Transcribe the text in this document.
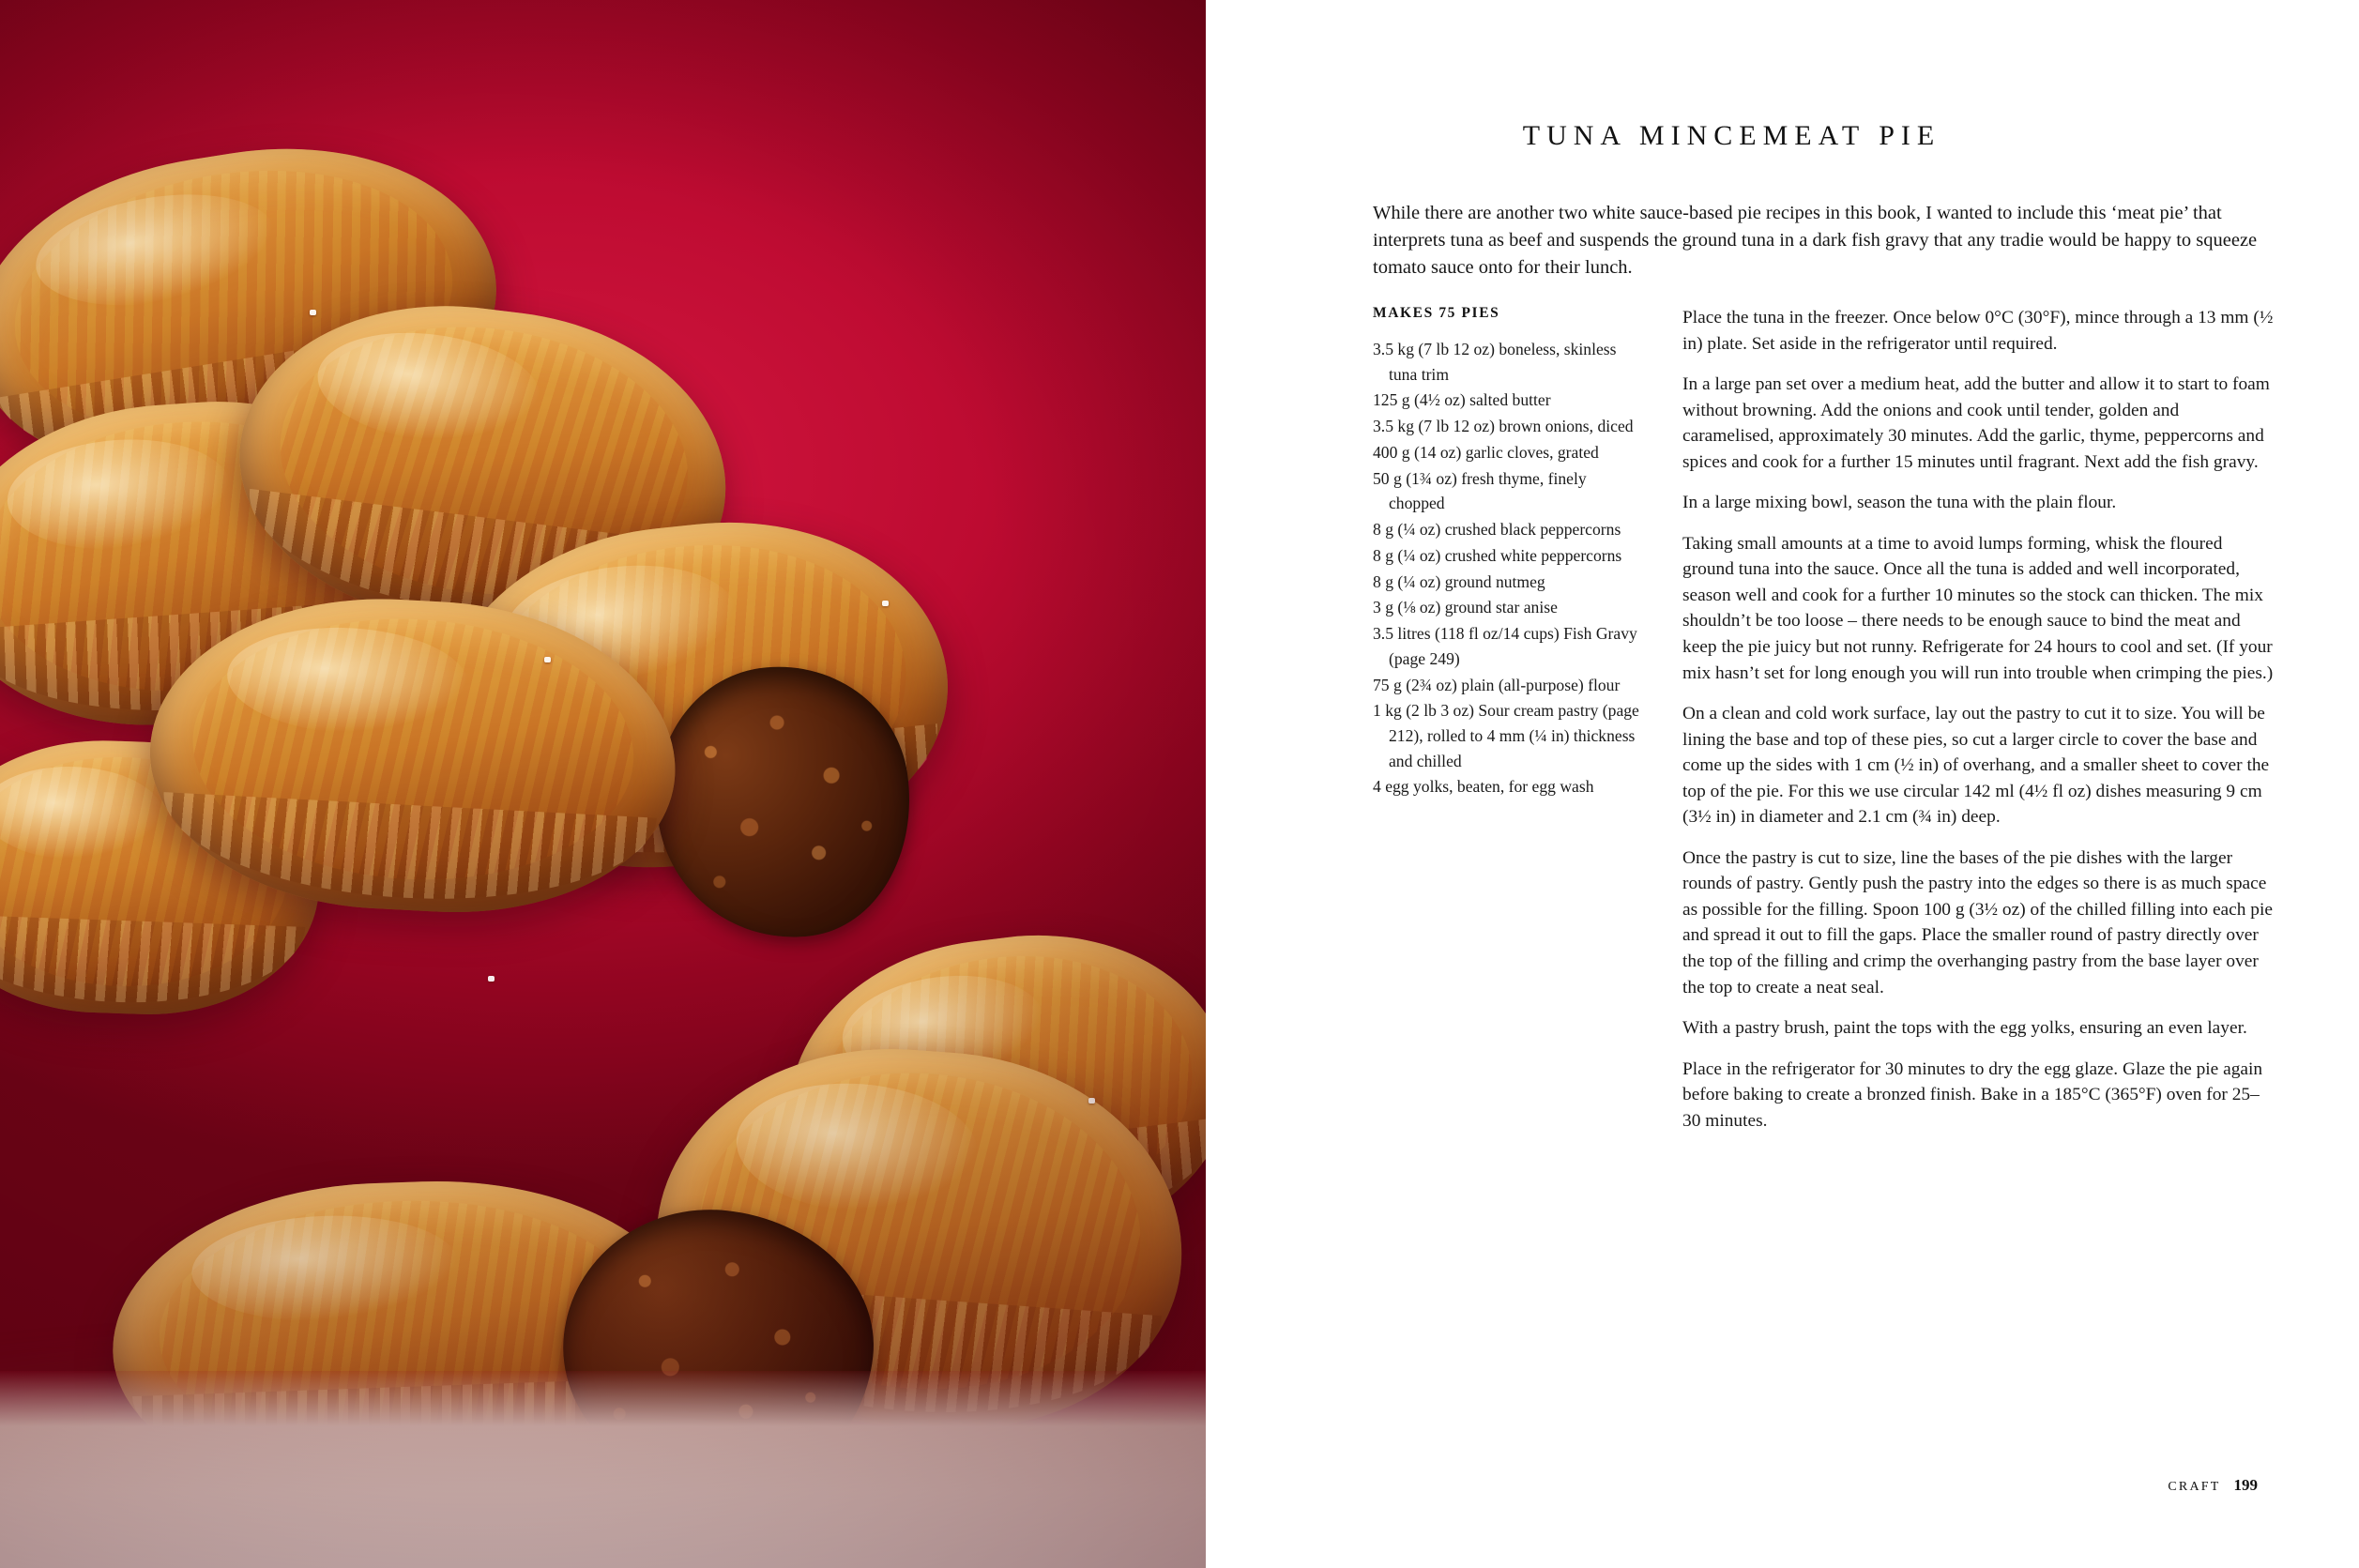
TUNA MINCEMEAT PIE

While there are another two white sauce-based pie recipes in this book, I wanted to include this ‘meat pie’ that interprets tuna as beef and suspends the ground tuna in a dark fish gravy that any tradie would be happy to squeeze tomato sauce onto for their lunch.

MAKES 75 PIES
3.5 kg (7 lb 12 oz) boneless, skinless tuna trim
125 g (4½ oz) salted butter
3.5 kg (7 lb 12 oz) brown onions, diced
400 g (14 oz) garlic cloves, grated
50 g (1¾ oz) fresh thyme, finely chopped
8 g (¼ oz) crushed black peppercorns
8 g (¼ oz) crushed white peppercorns
8 g (¼ oz) ground nutmeg
3 g (⅛ oz) ground star anise
3.5 litres (118 fl oz/14 cups) Fish Gravy (page 249)
75 g (2¾ oz) plain (all-purpose) flour
1 kg (2 lb 3 oz) Sour cream pastry (page 212), rolled to 4 mm (¼ in) thickness and chilled
4 egg yolks, beaten, for egg wash

Place the tuna in the freezer. Once below 0°C (30°F), mince through a 13 mm (½ in) plate. Set aside in the refrigerator until required.

In a large pan set over a medium heat, add the butter and allow it to start to foam without browning. Add the onions and cook until tender, golden and caramelised, approximately 30 minutes. Add the garlic, thyme, peppercorns and spices and cook for a further 15 minutes until fragrant. Next add the fish gravy.

In a large mixing bowl, season the tuna with the plain flour.

Taking small amounts at a time to avoid lumps forming, whisk the floured ground tuna into the sauce. Once all the tuna is added and well incorporated, season well and cook for a further 10 minutes so the stock can thicken. The mix shouldn’t be too loose – there needs to be enough sauce to bind the meat and keep the pie juicy but not runny. Refrigerate for 24 hours to cool and set. (If your mix hasn’t set for long enough you will run into trouble when crimping the pies.)

On a clean and cold work surface, lay out the pastry to cut it to size. You will be lining the base and top of these pies, so cut a larger circle to cover the base and come up the sides with 1 cm (½ in) of overhang, and a smaller sheet to cover the top of the pie. For this we use circular 142 ml (4½ fl oz) dishes measuring 9 cm (3½ in) in diameter and 2.1 cm (¾ in) deep.

Once the pastry is cut to size, line the bases of the pie dishes with the larger rounds of pastry. Gently push the pastry into the edges so there is as much space as possible for the filling. Spoon 100 g (3½ oz) of the chilled filling into each pie and spread it out to fill the gaps. Place the smaller round of pastry directly over the top of the filling and crimp the overhanging pastry from the base layer over the top to create a neat seal.

With a pastry brush, paint the tops with the egg yolks, ensuring an even layer.

Place in the refrigerator for 30 minutes to dry the egg glaze. Glaze the pie again before baking to create a bronzed finish. Bake in a 185°C (365°F) oven for 25–30 minutes.

CRAFT 199
